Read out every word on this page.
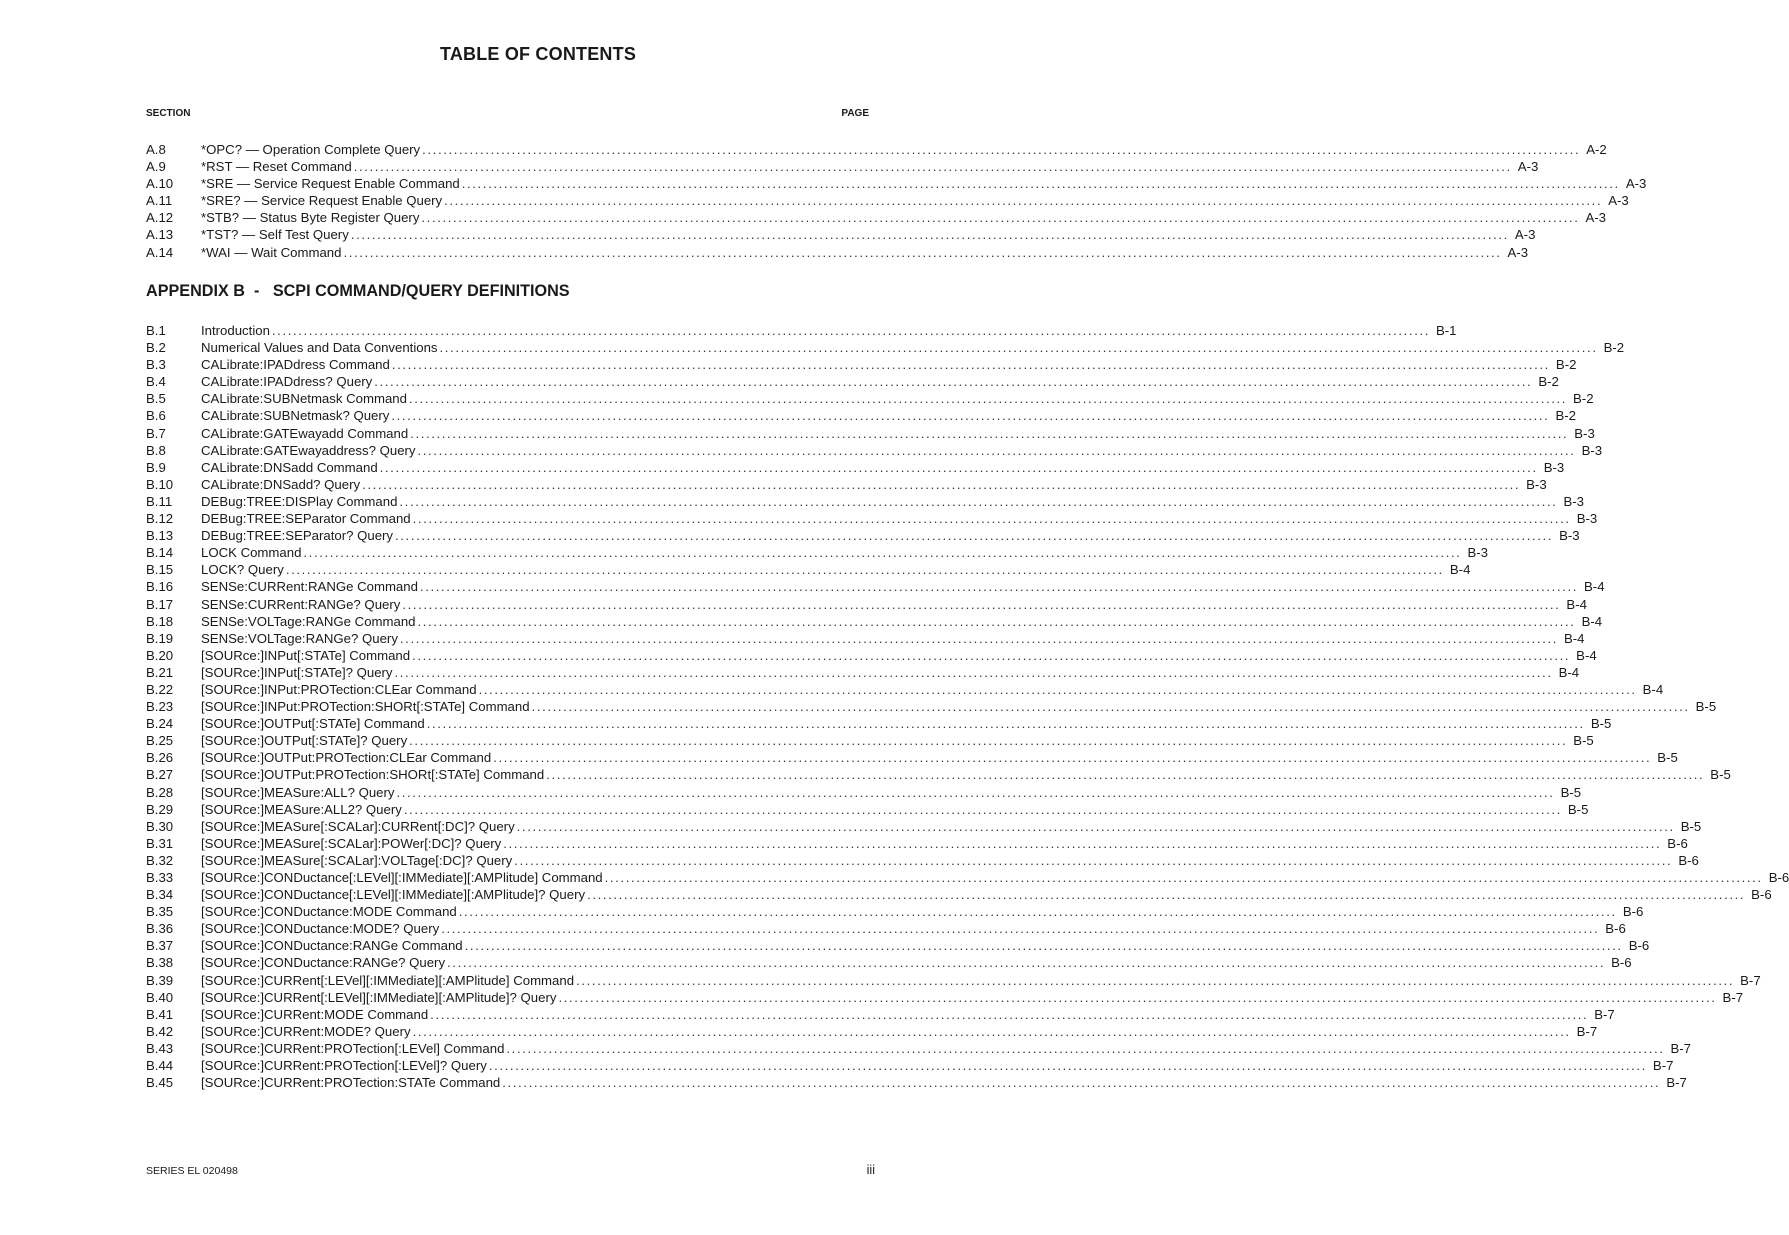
TABLE OF CONTENTS
SECTION	PAGE
A.8	*OPC? — Operation Complete Query ............................................................................................................................................................................................................................ A-2
A.9	*RST — Reset Command ............................................................................................................................................................................................................................ A-3
A.10 *SRE — Service Request Enable Command ............................................................................................................................................................................................................................ A-3
A.11 *SRE? — Service Request Enable Query ............................................................................................................................................................................................................................ A-3
A.12 *STB? — Status Byte Register Query ............................................................................................................................................................................................................................ A-3
A.13 *TST? — Self Test Query ............................................................................................................................................................................................................................ A-3
A.14 *WAI — Wait Command ............................................................................................................................................................................................................................ A-3
APPENDIX B  -   SCPI COMMAND/QUERY DEFINITIONS
B.1	Introduction ............................................................................................................................................................................................................................ B-1
B.2	Numerical Values and Data Conventions ............................................................................................................................................................................................................................ B-2
B.3	CALibrate:IPADdress Command ............................................................................................................................................................................................................................ B-2
B.4	CALibrate:IPADdress? Query ............................................................................................................................................................................................................................ B-2
B.5	CALibrate:SUBNetmask Command ............................................................................................................................................................................................................................ B-2
B.6	CALibrate:SUBNetmask? Query ............................................................................................................................................................................................................................ B-2
B.7	CALibrate:GATEwayadd Command ............................................................................................................................................................................................................................ B-3
B.8	CALibrate:GATEwayaddress? Query ............................................................................................................................................................................................................................ B-3
B.9	CALibrate:DNSadd Command ............................................................................................................................................................................................................................ B-3
B.10 CALibrate:DNSadd? Query ............................................................................................................................................................................................................................ B-3
B.11 DEBug:TREE:DISPlay Command ............................................................................................................................................................................................................................ B-3
B.12 DEBug:TREE:SEParator Command ............................................................................................................................................................................................................................ B-3
B.13 DEBug:TREE:SEParator? Query ............................................................................................................................................................................................................................ B-3
B.14 LOCK Command ............................................................................................................................................................................................................................ B-3
B.15 LOCK? Query ............................................................................................................................................................................................................................ B-4
B.16 SENSe:CURRent:RANGe Command ............................................................................................................................................................................................................................ B-4
B.17 SENSe:CURRent:RANGe? Query ............................................................................................................................................................................................................................ B-4
B.18 SENSe:VOLTage:RANGe Command ............................................................................................................................................................................................................................ B-4
B.19 SENSe:VOLTage:RANGe? Query ............................................................................................................................................................................................................................ B-4
B.20 [SOURce:]INPut[:STATe] Command ............................................................................................................................................................................................................................ B-4
B.21 [SOURce:]INPut[:STATe]? Query ............................................................................................................................................................................................................................ B-4
B.22 [SOURce:]INPut:PROTection:CLEar Command ............................................................................................................................................................................................................................ B-4
B.23 [SOURce:]INPut:PROTection:SHORt[:STATe] Command ............................................................................................................................................................................................................................ B-5
B.24 [SOURce:]OUTPut[:STATe] Command ............................................................................................................................................................................................................................ B-5
B.25 [SOURce:]OUTPut[:STATe]? Query ............................................................................................................................................................................................................................ B-5
B.26 [SOURce:]OUTPut:PROTection:CLEar Command ............................................................................................................................................................................................................................ B-5
B.27 [SOURce:]OUTPut:PROTection:SHORt[:STATe] Command ............................................................................................................................................................................................................................ B-5
B.28 [SOURce:]MEASure:ALL? Query ............................................................................................................................................................................................................................ B-5
B.29 [SOURce:]MEASure:ALL2? Query ............................................................................................................................................................................................................................ B-5
B.30 [SOURce:]MEASure[:SCALar]:CURRent[:DC]? Query ............................................................................................................................................................................................................................ B-5
B.31 [SOURce:]MEASure[:SCALar]:POWer[:DC]? Query ............................................................................................................................................................................................................................ B-6
B.32 [SOURce:]MEASure[:SCALar]:VOLTage[:DC]? Query ............................................................................................................................................................................................................................ B-6
B.33 [SOURce:]CONDuctance[:LEVel][:IMMediate][:AMPlitude] Command ............................................................................................................................................................................................................................ B-6
B.34 [SOURce:]CONDuctance[:LEVel][:IMMediate][:AMPlitude]? Query ............................................................................................................................................................................................................................ B-6
B.35 [SOURce:]CONDuctance:MODE Command ............................................................................................................................................................................................................................ B-6
B.36 [SOURce:]CONDuctance:MODE? Query ............................................................................................................................................................................................................................ B-6
B.37 [SOURce:]CONDuctance:RANGe Command ............................................................................................................................................................................................................................ B-6
B.38 [SOURce:]CONDuctance:RANGe? Query ............................................................................................................................................................................................................................ B-6
B.39 [SOURce:]CURRent[:LEVel][:IMMediate][:AMPlitude] Command ............................................................................................................................................................................................................................ B-7
B.40 [SOURce:]CURRent[:LEVel][:IMMediate][:AMPlitude]? Query ............................................................................................................................................................................................................................ B-7
B.41 [SOURce:]CURRent:MODE Command ............................................................................................................................................................................................................................ B-7
B.42 [SOURce:]CURRent:MODE? Query ............................................................................................................................................................................................................................ B-7
B.43 [SOURce:]CURRent:PROTection[:LEVel] Command ............................................................................................................................................................................................................................ B-7
B.44 [SOURce:]CURRent:PROTection[:LEVel]? Query ............................................................................................................................................................................................................................ B-7
B.45 [SOURce:]CURRent:PROTection:STATe Command ............................................................................................................................................................................................................................ B-7
SERIES EL 020498	iii
